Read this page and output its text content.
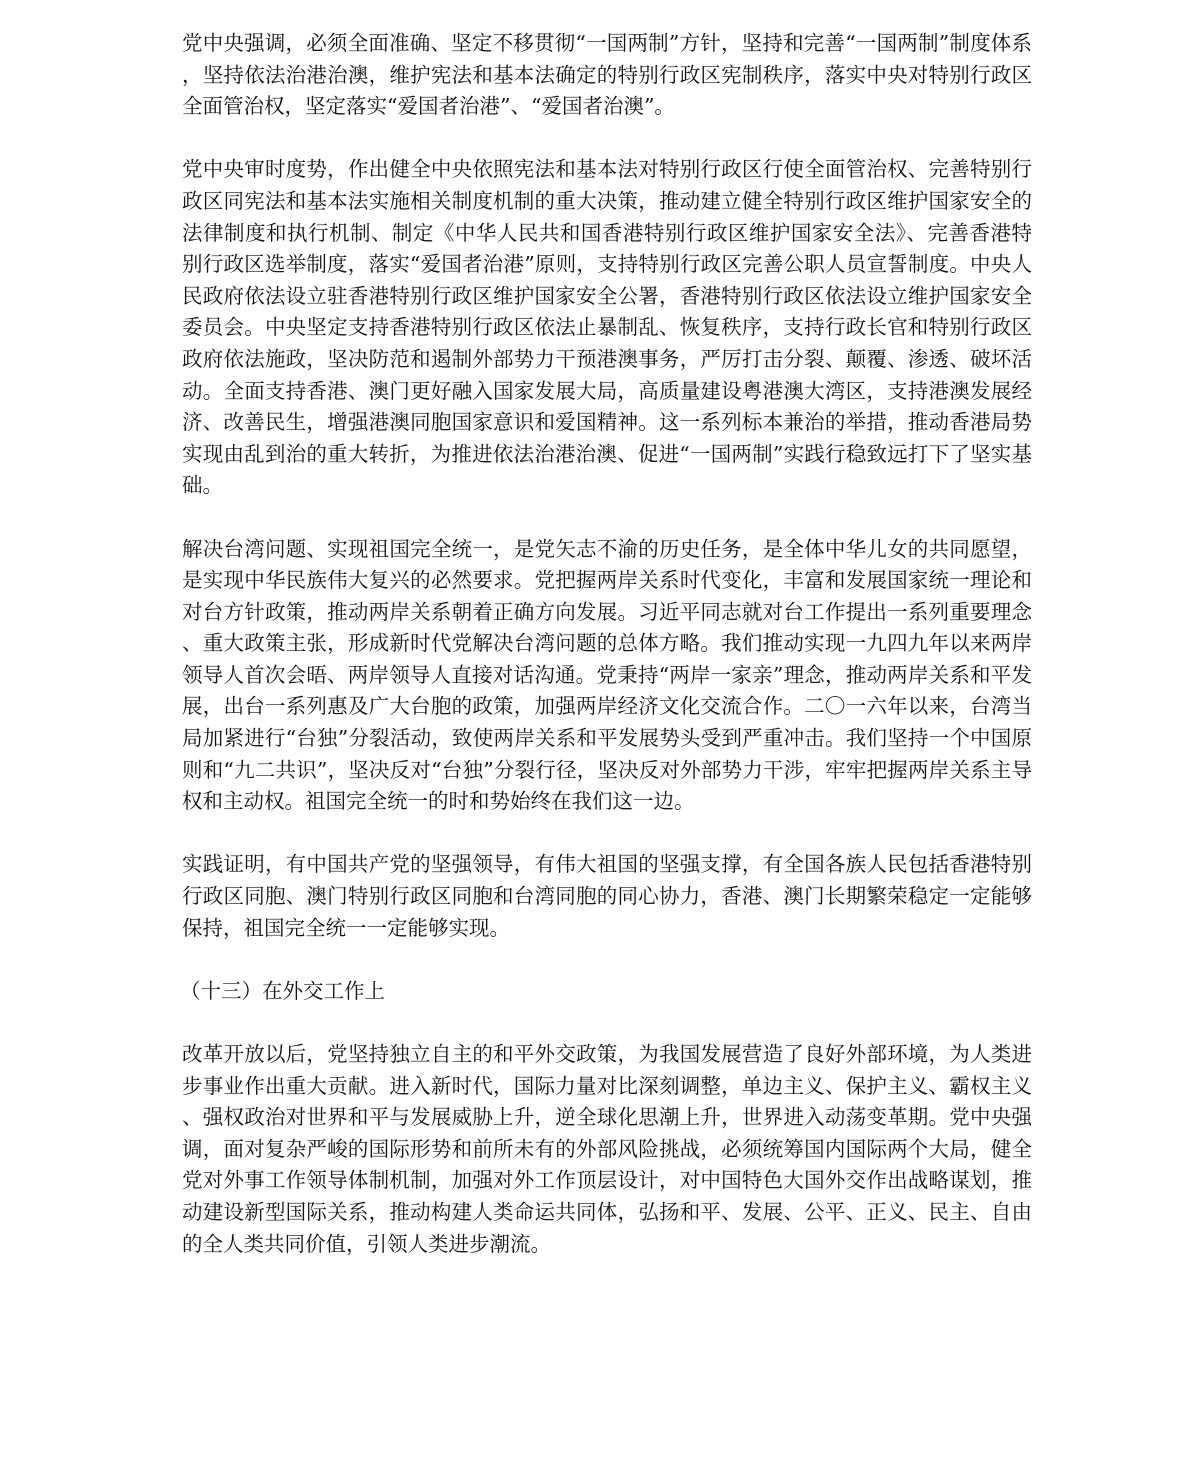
党中央强调，必须全面准确、坚定不移贯彻“一国两制”方针，坚持和完善“一国两制”制度体系，坚持依法治港治澳，维护宪法和基本法确定的特别行政区宪制秩序，落实中央对特别行政区全面管治权，坚定落实“爱国者治港”、“爱国者治澳”。

党中央审时度势，作出健全中央依照宪法和基本法对特别行政区行使全面管治权、完善特别行政区同宪法和基本法实施相关制度机制的重大决策，推动建立健全特别行政区维护国家安全的法律制度和执行机制、制定《中华人民共和国香港特别行政区维护国家安全法》、完善香港特别行政区选举制度，落实“爱国者治港”原则，支持特别行政区完善公职人员宣誓制度。中央人民政府依法设立驻香港特别行政区维护国家安全公署，香港特别行政区依法设立维护国家安全委员会。中央坚定支持香港特别行政区依法止暴制乱、恢复秩序，支持行政长官和特别行政区政府依法施政，坚决防范和遏制外部势力干预港澳事务，严厉打击分裂、颠覆、渗透、破坏活动。全面支持香港、澳门更好融入国家发展大局，高质量建设粤港澳大湾区，支持港澳发展经济、改善民生，增强港澳同胞国家意识和爱国精神。这一系列标本兼治的举措，推动香港局势实现由乱到治的重大转折，为推进依法治港治澳、促进“一国两制”实践行稳致远打下了坚实基础。

解决台湾问题、实现祖国完全统一，是党矢志不渝的历史任务，是全体中华儿女的共同愿望，是实现中华民族伟大复兴的必然要求。党把握两岸关系时代变化，丰富和发展国家统一理论和对台方针政策，推动两岸关系朝着正确方向发展。习近平同志就对台工作提出一系列重要理念、重大政策主张，形成新时代党解决台湾问题的总体方略。我们推动实现一九四九年以来两岸领导人首次会晤、两岸领导人直接对话沟通。党秉持“两岸一家亲”理念，推动两岸关系和平发展，出台一系列惠及广大台胞的政策，加强两岸经济文化交流合作。二〇一六年以来，台湾当局加紧进行“台独”分裂活动，致使两岸关系和平发展势头受到严重冲击。我们坚持一个中国原则和“九二共识”，坚决反对“台独”分裂行径，坚决反对外部势力干涉，牢牢把握两岸关系主导权和主动权。祖国完全统一的时和势始终在我们这一边。

实践证明，有中国共产党的坚强领导，有伟大祖国的坚强支撑，有全国各族人民包括香港特别行政区同胞、澳门特别行政区同胞和台湾同胞的同心协力，香港、澳门长期繁荣稳定一定能够保持，祖国完全统一一定能够实现。

（十三）在外交工作上

改革开放以后，党坚持独立自主的和平外交政策，为我国发展营造了良好外部环境，为人类进步事业作出重大贡献。进入新时代，国际力量对比深刻调整，单边主义、保护主义、霸权主义、强权政治对世界和平与发展威胁上升，逆全球化思潮上升，世界进入动荡变革期。党中央强调，面对复杂严峻的国际形势和前所未有的外部风险挑战，必须统筹国内国际两个大局，健全党对外事工作领导体制机制，加强对外工作顶层设计，对中国特色大国外交作出战略谋划，推动建设新型国际关系，推动构建人类命运共同体，弘扬和平、发展、公平、正义、民主、自由的全人类共同价值，引领人类进步潮流。
